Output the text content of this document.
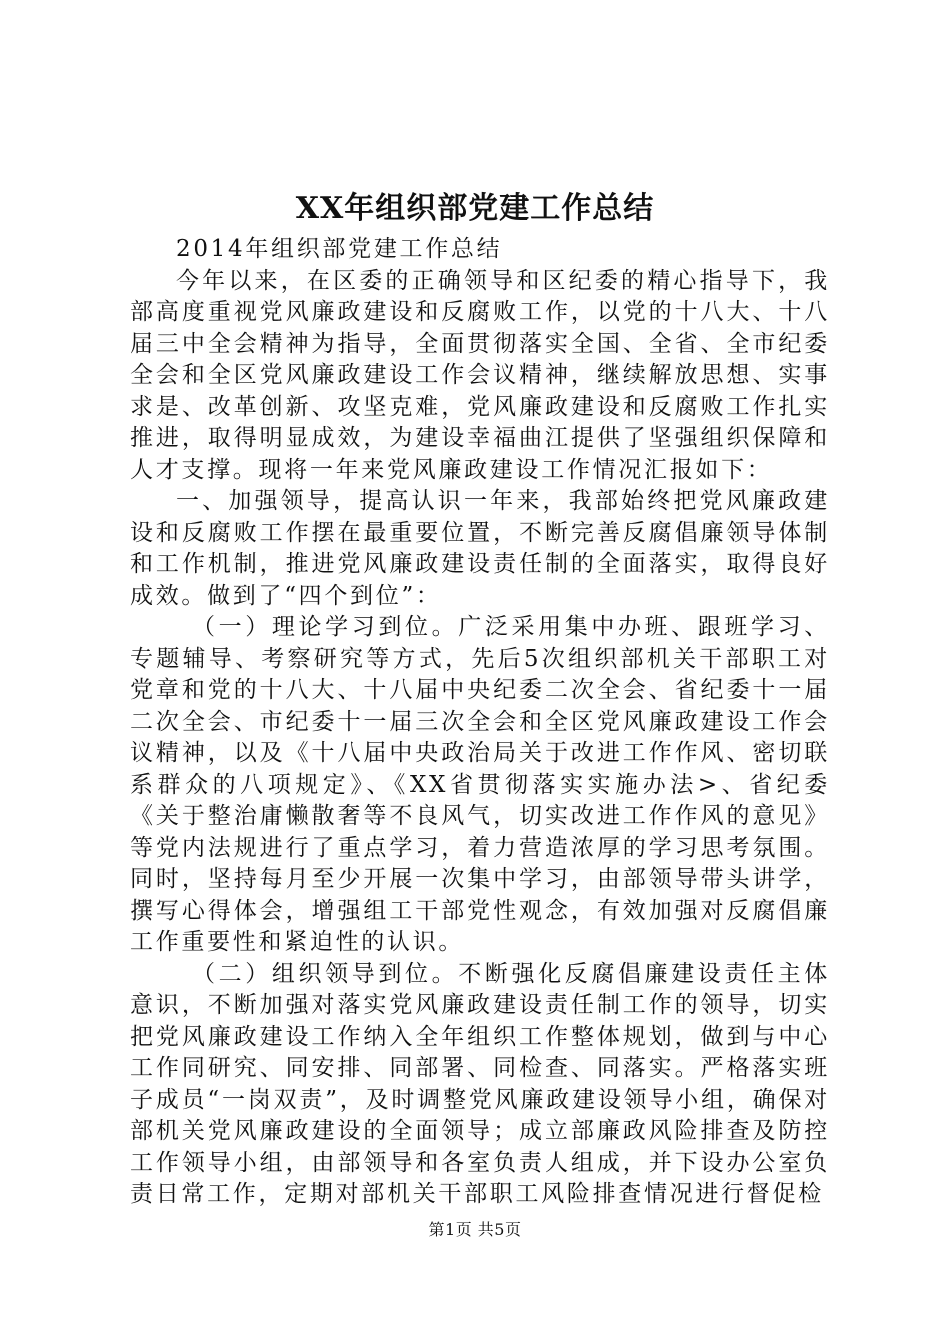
XX年组织部党建工作总结

2014年组织部党建工作总结

今年以来，在区委的正确领导和区纪委的精心指导下，我部高度重视党风廉政建设和反腐败工作，以党的十八大、十八届三中全会精神为指导，全面贯彻落实全国、全省、全市纪委全会和全区党风廉政建设工作会议精神，继续解放思想、实事求是、改革创新、攻坚克难，党风廉政建设和反腐败工作扎实推进，取得明显成效，为建设幸福曲江提供了坚强组织保障和人才支撑。现将一年来党风廉政建设工作情况汇报如下：

一、加强领导，提高认识一年来，我部始终把党风廉政建设和反腐败工作摆在最重要位置，不断完善反腐倡廉领导体制和工作机制，推进党风廉政建设责任制的全面落实，取得良好成效。做到了“四个到位”：

（一）理论学习到位。广泛采用集中办班、跟班学习、专题辅导、考察研究等方式，先后5次组织部机关干部职工对党章和党的十八大、十八届中央纪委二次全会、省纪委十一届二次全会、市纪委十一届三次全会和全区党风廉政建设工作会议精神，以及《十八届中央政治局关于改进工作作风、密切联系群众的八项规定》、《XX省贯彻落实实施办法>、省纪委《关于整治庸懒散奢等不良风气，切实改进工作作风的意见》等党内法规进行了重点学习，着力营造浓厚的学习思考氛围。同时，坚持每月至少开展一次集中学习，由部领导带头讲学，撰写心得体会，增强组工干部党性观念，有效加强对反腐倡廉工作重要性和紧迫性的认识。

（二）组织领导到位。不断强化反腐倡廉建设责任主体意识，不断加强对落实党风廉政建设责任制工作的领导，切实把党风廉政建设工作纳入全年组织工作整体规划，做到与中心工作同研究、同安排、同部署、同检查、同落实。严格落实班子成员“一岗双责”，及时调整党风廉政建设领导小组，确保对部机关党风廉政建设的全面领导；成立部廉政风险排查及防控工作领导小组，由部领导和各室负责人组成，并下设办公室负责日常工作，定期对部机关干部职工风险排查情况进行督促检

第1页 共5页
